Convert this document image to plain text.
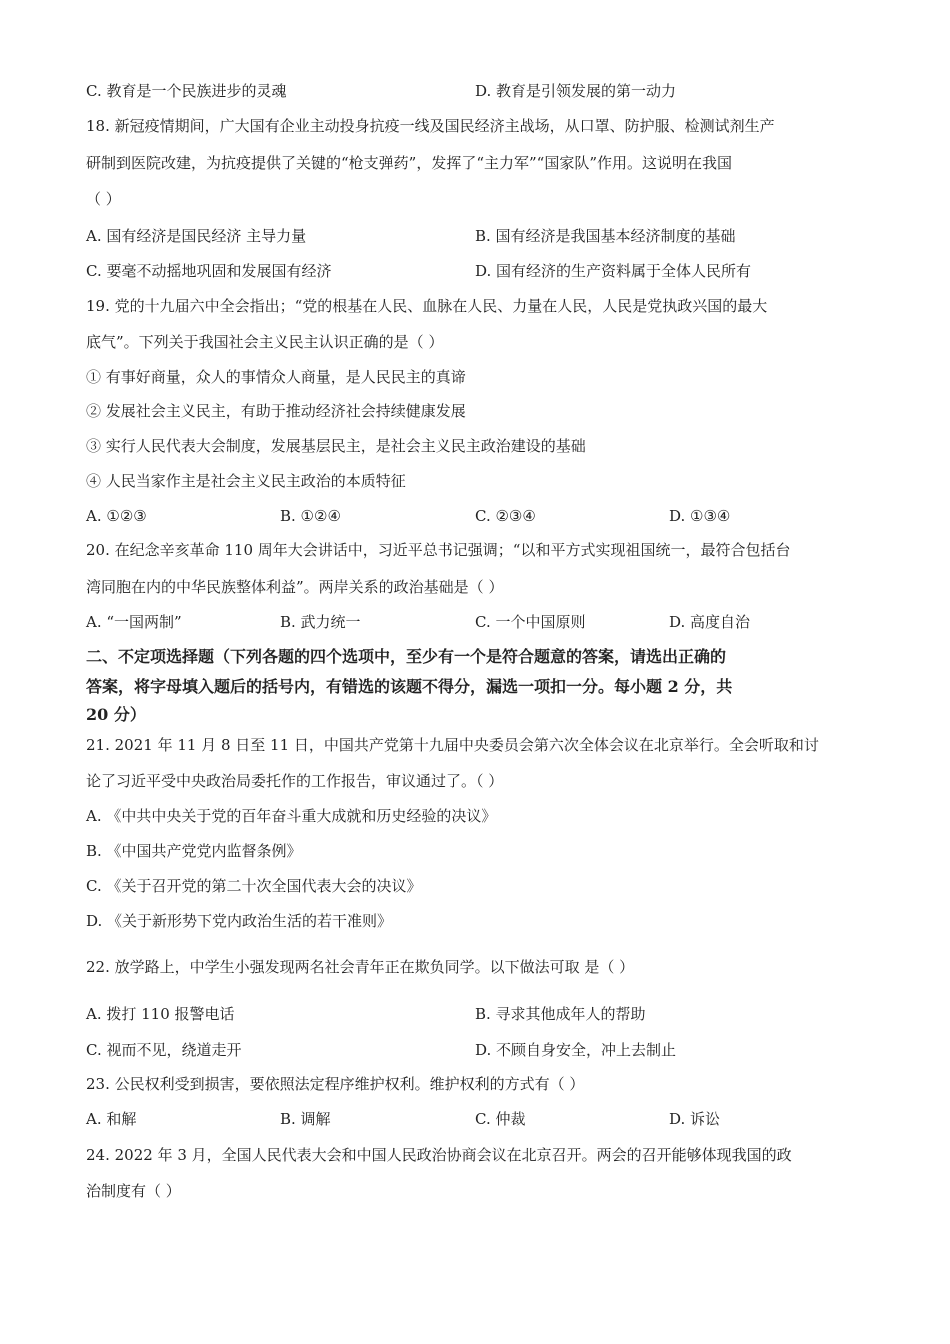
C. 教育是一个民族进步的灵魂	D. 教育是引领发展的第一动力
18. 新冠疫情期间，广大国有企业主动投身抗疫一线及国民经济主战场，从口罩、防护服、检测试剂生产
研制到医院改建，为抗疫提供了关键的“枪支弹药”，发挥了“主力军”“国家队”作用。这说明在我国
（ ）
A. 国有经济是国民经济 主导力量	B. 国有经济是我国基本经济制度的基础
C. 要毫不动摇地巩固和发展国有经济	D. 国有经济的生产资料属于全体人民所有
19. 党的十九届六中全会指出；“党的根基在人民、血脉在人民、力量在人民，人民是党执政兴国的最大
底气”。下列关于我国社会主义民主认识正确的是（ ）
① 有事好商量，众人的事情众人商量，是人民民主的真谛
② 发展社会主义民主，有助于推动经济社会持续健康发展
③ 实行人民代表大会制度，发展基层民主，是社会主义民主政治建设的基础
④ 人民当家作主是社会主义民主政治的本质特征
A. ①②③	B. ①②④	C. ②③④	D. ①③④
20. 在纪念辛亥革命 110 周年大会讲话中，习近平总书记强调；“以和平方式实现祖国统一，最符合包括台
湾同胞在内的中华民族整体利益”。两岸关系的政治基础是（ ）
A. “一国两制”	B. 武力统一	C. 一个中国原则	D. 高度自治
二、不定项选择题（下列各题的四个选项中，至少有一个是符合题意的答案，请选出正确的
答案，将字母填入题后的括号内，有错选的该题不得分，漏选一项扣一分。每小题 2 分，共
20 分）
21. 2021 年 11 月 8 日至 11 日，中国共产党第十九届中央委员会第六次全体会议在北京举行。全会听取和讨
论了习近平受中央政治局委托作的工作报告，审议通过了。（ ）
A. 《中共中央关于党的百年奋斗重大成就和历史经验的决议》
B. 《中国共产党党内监督条例》
C. 《关于召开党的第二十次全国代表大会的决议》
D. 《关于新形势下党内政治生活的若干准则》
22. 放学路上，中学生小强发现两名社会青年正在欺负同学。以下做法可取 是（ ）
A. 拨打 110 报警电话	B. 寻求其他成年人的帮助
C. 视而不见，绕道走开	D. 不顾自身安全，冲上去制止
23. 公民权利受到损害，要依照法定程序维护权利。维护权利的方式有（ ）
A. 和解	B. 调解	C. 仲裁	D. 诉讼
24. 2022 年 3 月，全国人民代表大会和中国人民政治协商会议在北京召开。两会的召开能够体现我国的政
治制度有（ ）
